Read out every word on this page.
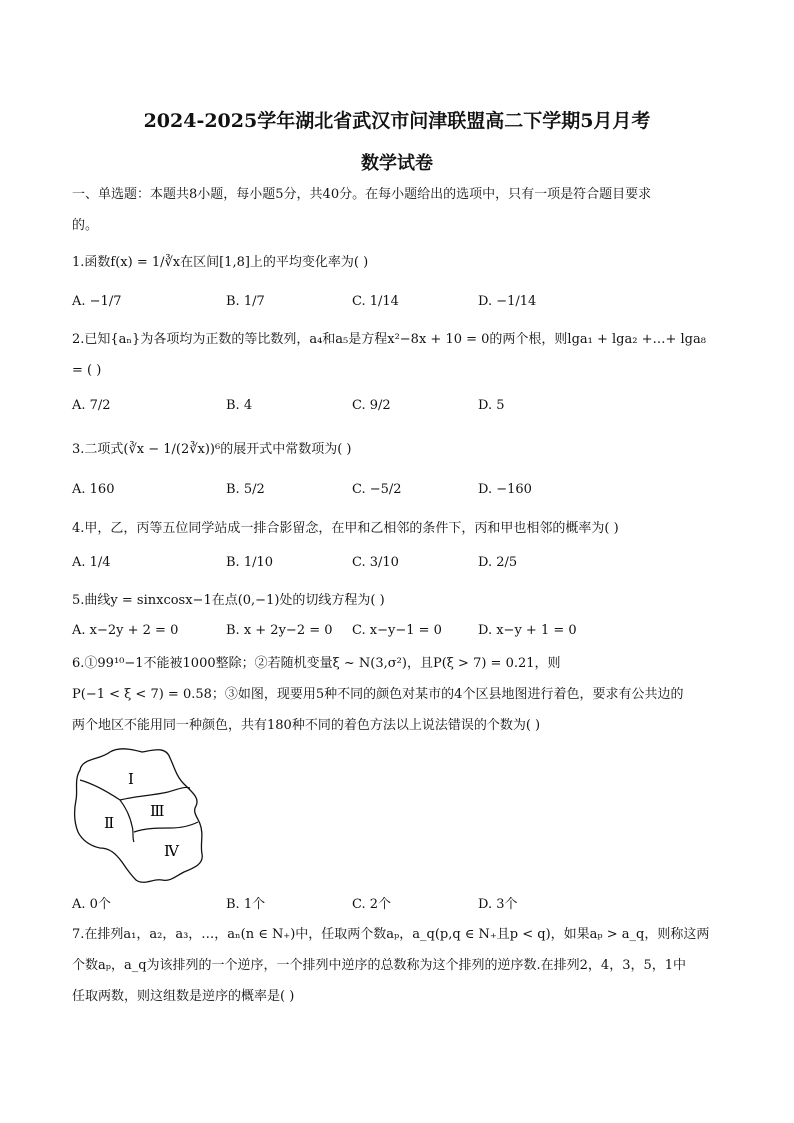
2024-2025学年湖北省武汉市问津联盟高二下学期5月月考
数学试卷
一、单选题：本题共8小题，每小题5分，共40分。在每小题给出的选项中，只有一项是符合题目要求
的。
1.函数f(x) = 1/∛x在区间[1,8]上的平均变化率为( )
A. −1/7	B. 1/7	C. 1/14	D. −1/14
2.已知{aₙ}为各项均为正数的等比数列，a₄和a₅是方程x²−8x + 10 = 0的两个根，则lga₁ + lga₂ +…+ lga₈
= ( )
A. 7/2	B. 4	C. 9/2	D. 5
3.二项式(∛x − 1/(2∛x))⁶的展开式中常数项为( )
A. 160	B. 5/2	C. −5/2	D. −160
4.甲，乙，丙等五位同学站成一排合影留念，在甲和乙相邻的条件下，丙和甲也相邻的概率为( )
A. 1/4	B. 1/10	C. 3/10	D. 2/5
5.曲线y = sinxcosx−1在点(0,−1)处的切线方程为( )
A. x−2y + 2 = 0	B. x + 2y−2 = 0 C. x−y−1 = 0	D. x−y + 1 = 0
6.①99¹⁰−1不能被1000整除；②若随机变量ξ ~ N(3,σ²)，且P(ξ > 7) = 0.21，则
P(−1 < ξ < 7) = 0.58；③如图，现要用5种不同的颜色对某市的4个区县地图进行着色，要求有公共边的
两个地区不能用同一种颜色，共有180种不同的着色方法以上说法错误的个数为( )
Ⅰ
Ⅱ
Ⅲ
Ⅳ
A. 0个	B. 1个	C. 2个	D. 3个
7.在排列a₁，a₂，a₃，…，aₙ(n ∈ N₊)中，任取两个数aₚ，a_q(p,q ∈ N₊且p < q)，如果aₚ > a_q，则称这两
个数aₚ，a_q为该排列的一个逆序，一个排列中逆序的总数称为这个排列的逆序数.在排列2，4，3，5，1中
任取两数，则这组数是逆序的概率是( )
